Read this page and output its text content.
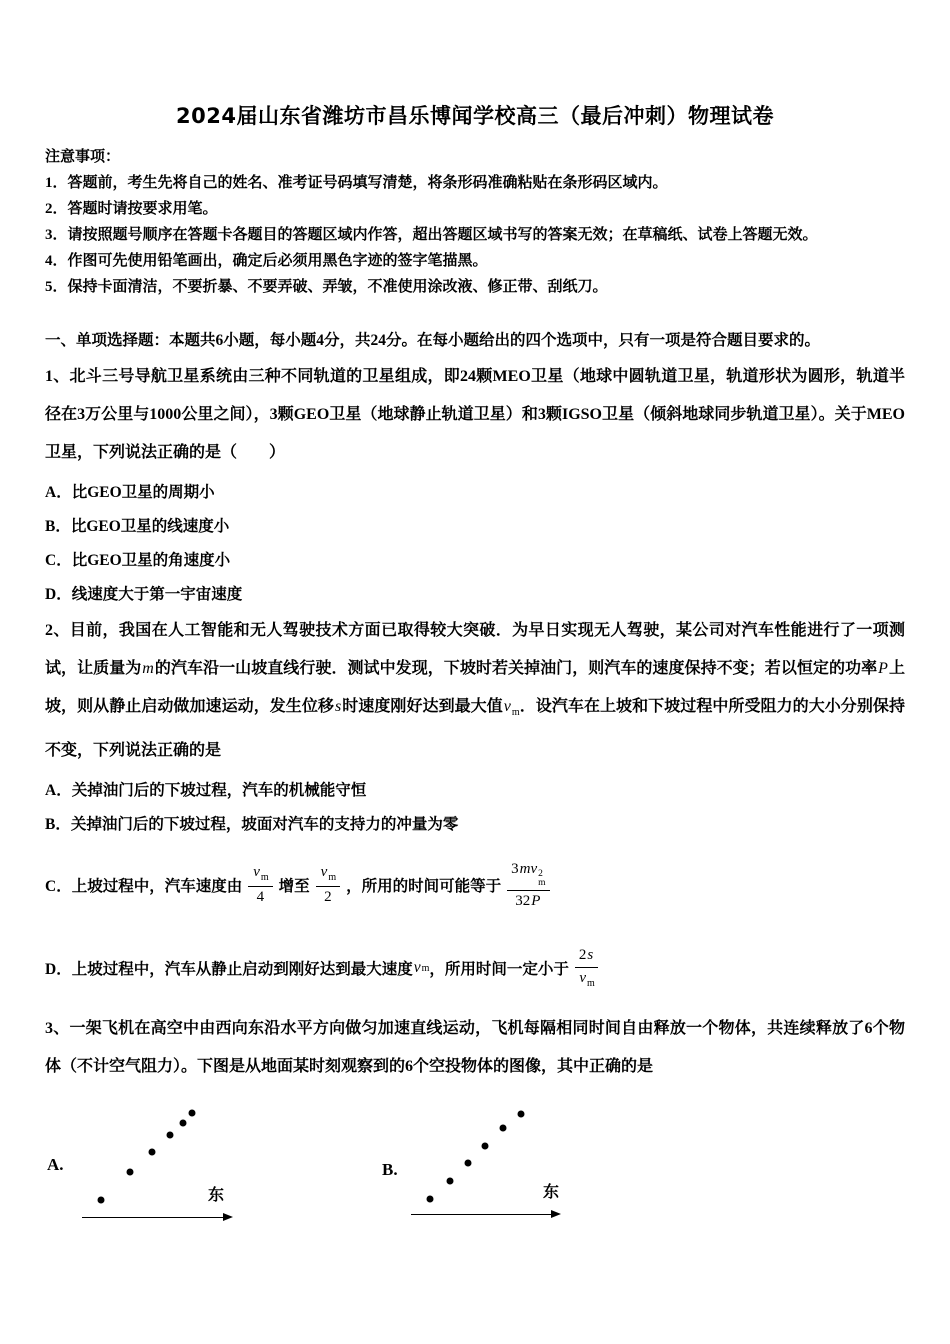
2024届山东省潍坊市昌乐博闻学校高三（最后冲刺）物理试卷
注意事项：
1．答题前，考生先将自己的姓名、准考证号码填写清楚，将条形码准确粘贴在条形码区域内。
2．答题时请按要求用笔。
3．请按照题号顺序在答题卡各题目的答题区域内作答，超出答题区域书写的答案无效；在草稿纸、试卷上答题无效。
4．作图可先使用铅笔画出，确定后必须用黑色字迹的签字笔描黑。
5．保持卡面清洁，不要折暴、不要弄破、弄皱，不准使用涂改液、修正带、刮纸刀。
一、单项选择题：本题共6小题，每小题4分，共24分。在每小题给出的四个选项中，只有一项是符合题目要求的。

1、北斗三号导航卫星系统由三种不同轨道的卫星组成，即24颗MEO卫星（地球中圆轨道卫星，轨道形状为圆形，轨道半径在3万公里与1000公里之间），3颗GEO卫星（地球静止轨道卫星）和3颗IGSO卫星（倾斜地球同步轨道卫星）。关于MEO卫星，下列说法正确的是（　　）

A．比GEO卫星的周期小
B．比GEO卫星的线速度小
C．比GEO卫星的角速度小
D．线速度大于第一宇宙速度

2、目前，我国在人工智能和无人驾驶技术方面已取得较大突破．为早日实现无人驾驶，某公司对汽车性能进行了一项测试，让质量为m的汽车沿一山坡直线行驶．测试中发现，下坡时若关掉油门，则汽车的速度保持不变；若以恒定的功率P上坡，则从静止启动做加速运动，发生位移s时速度刚好达到最大值$v_m$．设汽车在上坡和下坡过程中所受阻力的大小分别保持不变，下列说法正确的是

A．关掉油门后的下坡过程，汽车的机械能守恒
B．关掉油门后的下坡过程，坡面对汽车的支持力的冲量为零
C．上坡过程中，汽车速度由 $\frac{v_m}{4}$ 增至 $\frac{v_m}{2}$ ，所用的时间可能等于 3mv 2
m
32P
D．上坡过程中，汽车从静止启动到刚好达到最大速度 v m ，所用时间一定小于 $\frac{2s}{v_m}$

3、一架飞机在高空中由西向东沿水平方向做匀加速直线运动，飞机每隔相同时间自由释放一个物体，共连续释放了6个物体（不计空气阻力）。下图是从地面某时刻观察到的6个空投物体的图像，其中正确的是

A.
东
B.
东
